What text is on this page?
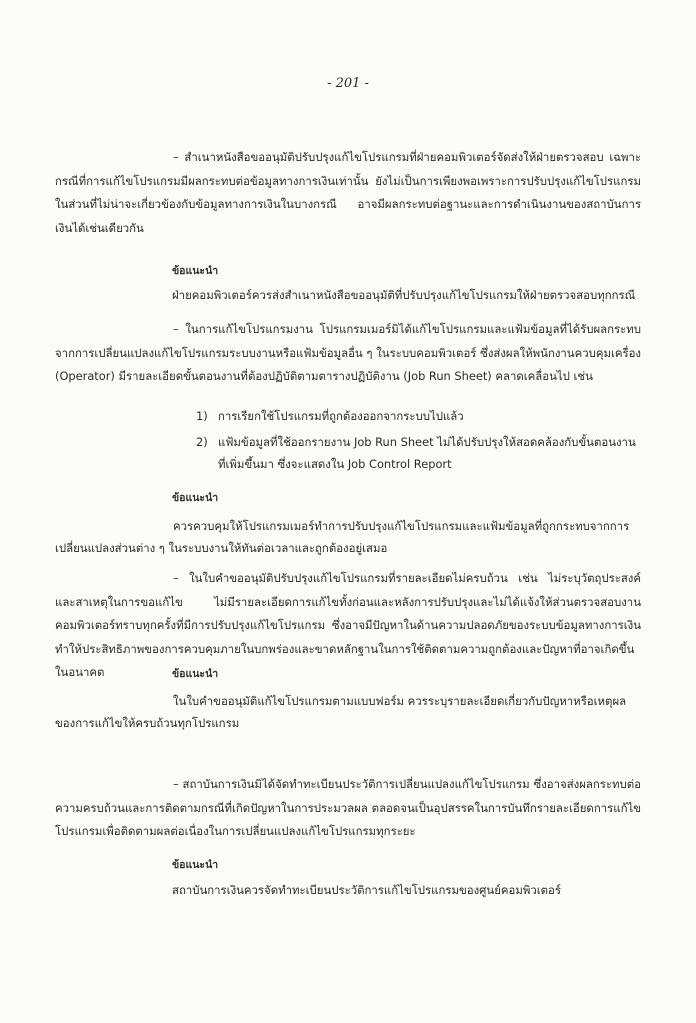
- 201 -

– สำเนาหนังสือขออนุมัติปรับปรุงแก้ไขโปรแกรมที่ฝ่ายคอมพิวเตอร์จัดส่งให้ฝ่ายตรวจสอบ เฉพาะกรณีที่การแก้ไขโปรแกรมมีผลกระทบต่อข้อมูลทางการเงินเท่านั้น ยังไม่เป็นการเพียงพอเพราะการปรับปรุงแก้ไขโปรแกรมในส่วนที่ไม่น่าจะเกี่ยวข้องกับข้อมูลทางการเงินในบางกรณี อาจมีผลกระทบต่อฐานะและการดำเนินงานของสถาบันการเงินได้เช่นเดียวกัน

ข้อแนะนำ
ฝ่ายคอมพิวเตอร์ควรส่งสำเนาหนังสือขออนุมัติที่ปรับปรุงแก้ไขโปรแกรมให้ฝ่ายตรวจสอบทุกกรณี

– ในการแก้ไขโปรแกรมงาน โปรแกรมเมอร์มิได้แก้ไขโปรแกรมและแฟ้มข้อมูลที่ได้รับผลกระทบจากการเปลี่ยนแปลงแก้ไขโปรแกรมระบบงานหรือแฟ้มข้อมูลอื่น ๆ ในระบบคอมพิวเตอร์ ซึ่งส่งผลให้พนักงานควบคุมเครื่อง (Operator) มีรายละเอียดขั้นตอนงานที่ต้องปฏิบัติตามตารางปฏิบัติงาน (Job Run Sheet) คลาดเคลื่อนไป เช่น

1) การเรียกใช้โปรแกรมที่ถูกต้องออกจากระบบไปแล้ว
2) แฟ้มข้อมูลที่ใช้ออกรายงาน Job Run Sheet ไม่ได้ปรับปรุงให้สอดคล้องกับขั้นตอนงานที่เพิ่มขึ้นมา ซึ่งจะแสดงใน Job Control Report
ข้อแนะนำ

ควรควบคุมให้โปรแกรมเมอร์ทำการปรับปรุงแก้ไขโปรแกรมและแฟ้มข้อมูลที่ถูกกระทบจากการเปลี่ยนแปลงส่วนต่าง ๆ ในระบบงานให้ทันต่อเวลาและถูกต้องอยู่เสมอ

– ในใบคำขออนุมัติปรับปรุงแก้ไขโปรแกรมที่รายละเอียดไม่ครบถ้วน เช่น ไม่ระบุวัตถุประสงค์และสาเหตุในการขอแก้ไข ไม่มีรายละเอียดการแก้ไขทั้งก่อนและหลังการปรับปรุงและไม่ได้แจ้งให้ส่วนตรวจสอบงานคอมพิวเตอร์ทราบทุกครั้งที่มีการปรับปรุงแก้ไขโปรแกรม ซึ่งอาจมีปัญหาในด้านความปลอดภัยของระบบข้อมูลทางการเงิน ทำให้ประสิทธิภาพของการควบคุมภายในบกพร่องและขาดหลักฐานในการใช้ติดตามความถูกต้องและปัญหาที่อาจเกิดขึ้นในอนาคต	ข้อแนะนำ

ในใบคำขออนุมัติแก้ไขโปรแกรมตามแบบฟอร์ม ควรระบุรายละเอียดเกี่ยวกับปัญหาหรือเหตุผลของการแก้ไขให้ครบถ้วนทุกโปรแกรม

– สถาบันการเงินมิได้จัดทำทะเบียนประวัติการเปลี่ยนแปลงแก้ไขโปรแกรม ซึ่งอาจส่งผลกระทบต่อความครบถ้วนและการติดตามกรณีที่เกิดปัญหาในการประมวลผล ตลอดจนเป็นอุปสรรคในการบันทึกรายละเอียดการแก้ไขโปรแกรมเพื่อติดตามผลต่อเนื่องในการเปลี่ยนแปลงแก้ไขโปรแกรมทุกระยะ

ข้อแนะนำ
สถาบันการเงินควรจัดทำทะเบียนประวัติการแก้ไขโปรแกรมของศูนย์คอมพิวเตอร์
